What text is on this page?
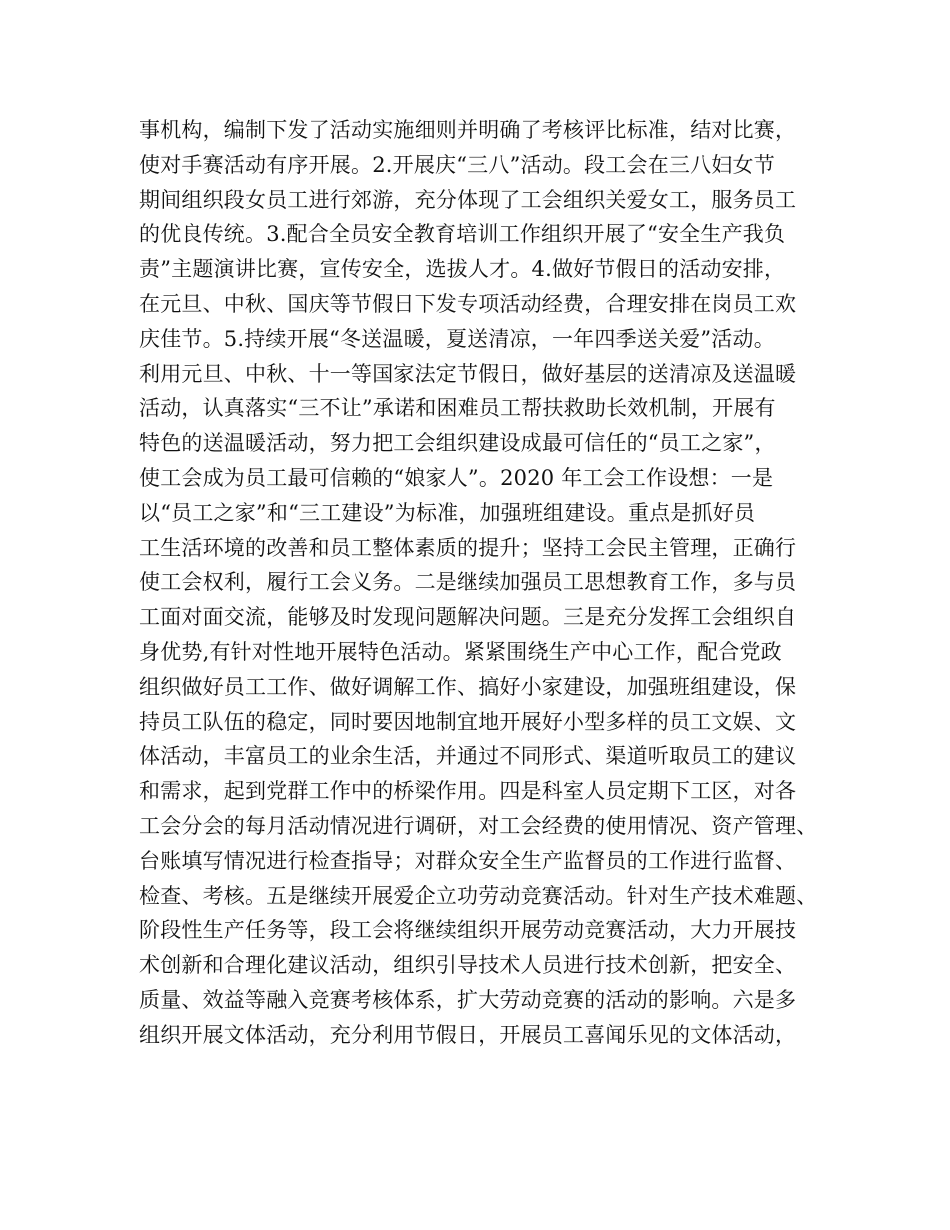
事机构，编制下发了活动实施细则并明确了考核评比标准，结对比赛，
使对手赛活动有序开展。2.开展庆“三八”活动。段工会在三八妇女节
期间组织段女员工进行郊游，充分体现了工会组织关爱女工，服务员工
的优良传统。3.配合全员安全教育培训工作组织开展了“安全生产我负
责”主题演讲比赛，宣传安全，选拔人才。4.做好节假日的活动安排，
在元旦、中秋、国庆等节假日下发专项活动经费，合理安排在岗员工欢
庆佳节。5.持续开展“冬送温暖，夏送清凉，一年四季送关爱”活动。
利用元旦、中秋、十一等国家法定节假日，做好基层的送清凉及送温暖
活动，认真落实“三不让”承诺和困难员工帮扶救助长效机制，开展有
特色的送温暖活动，努力把工会组织建设成最可信任的“员工之家”，
使工会成为员工最可信赖的“娘家人”。2020 年工会工作设想：一是
以“员工之家”和“三工建设”为标准，加强班组建设。重点是抓好员
工生活环境的改善和员工整体素质的提升；坚持工会民主管理，正确行
使工会权利，履行工会义务。二是继续加强员工思想教育工作，多与员
工面对面交流，能够及时发现问题解决问题。三是充分发挥工会组织自
身优势,有针对性地开展特色活动。紧紧围绕生产中心工作，配合党政
组织做好员工工作、做好调解工作、搞好小家建设，加强班组建设，保
持员工队伍的稳定，同时要因地制宜地开展好小型多样的员工文娱、文
体活动，丰富员工的业余生活，并通过不同形式、渠道听取员工的建议
和需求，起到党群工作中的桥梁作用。四是科室人员定期下工区，对各
工会分会的每月活动情况进行调研，对工会经费的使用情况、资产管理、
台账填写情况进行检查指导；对群众安全生产监督员的工作进行监督、
检查、考核。五是继续开展爱企立功劳动竞赛活动。针对生产技术难题、
阶段性生产任务等，段工会将继续组织开展劳动竞赛活动，大力开展技
术创新和合理化建议活动，组织引导技术人员进行技术创新，把安全、
质量、效益等融入竞赛考核体系，扩大劳动竞赛的活动的影响。六是多
组织开展文体活动，充分利用节假日，开展员工喜闻乐见的文体活动，
